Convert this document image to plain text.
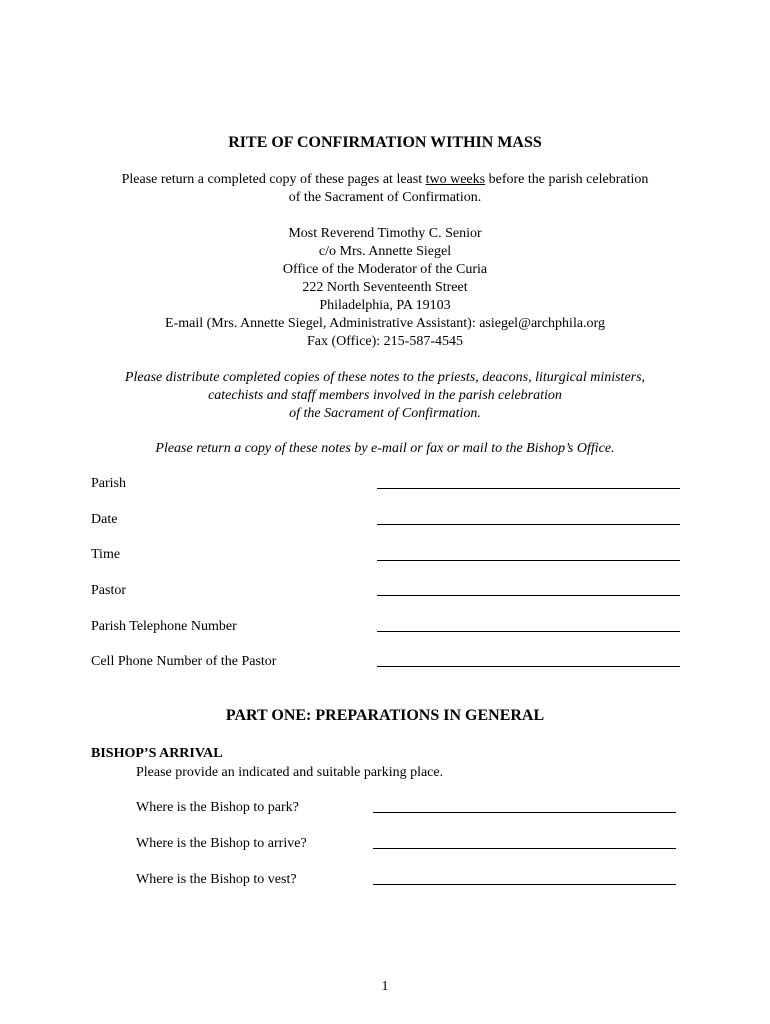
RITE OF CONFIRMATION WITHIN MASS
Please return a completed copy of these pages at least two weeks before the parish celebration
of the Sacrament of Confirmation.
Most Reverend Timothy C. Senior
c/o Mrs. Annette Siegel
Office of the Moderator of the Curia
222 North Seventeenth Street
Philadelphia, PA 19103
E-mail (Mrs. Annette Siegel, Administrative Assistant): asiegel@archphila.org
Fax (Office): 215-587-4545
Please distribute completed copies of these notes to the priests, deacons, liturgical ministers,
catechists and staff members involved in the parish celebration
of the Sacrament of Confirmation.
Please return a copy of these notes by e-mail or fax or mail to the Bishop’s Office.
Parish
Date
Time
Pastor
Parish Telephone Number
Cell Phone Number of the Pastor
PART ONE: PREPARATIONS IN GENERAL
BISHOP’S ARRIVAL
Please provide an indicated and suitable parking place.
Where is the Bishop to park?
Where is the Bishop to arrive?
Where is the Bishop to vest?
1
